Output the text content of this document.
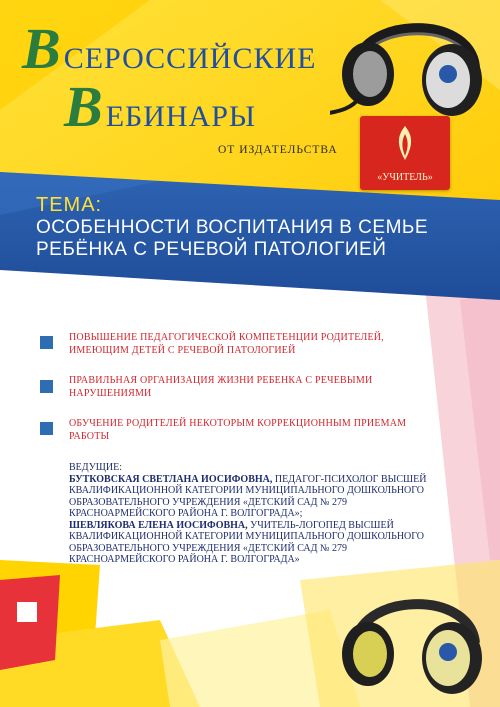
ВСЕРОССИЙСКИЕ
ВЕБИНАРЫ
ОТ ИЗДАТЕЛЬСТВА
«УЧИТЕЛЬ»
ТЕМА:
ОСОБЕННОСТИ ВОСПИТАНИЯ В СЕМЬЕ РЕБЁНКА С РЕЧЕВОЙ ПАТОЛОГИЕЙ
ПОВЫШЕНИЕ ПЕДАГОГИЧЕСКОЙ КОМПЕТЕНЦИИ РОДИТЕЛЕЙ, ИМЕЮЩИМ ДЕТЕЙ С РЕЧЕВОЙ ПАТОЛОГИЕЙ
ПРАВИЛЬНАЯ ОРГАНИЗАЦИЯ ЖИЗНИ РЕБЕНКА С РЕЧЕВЫМИ НАРУШЕНИЯМИ
ОБУЧЕНИЕ РОДИТЕЛЕЙ НЕКОТОРЫМ КОРРЕКЦИОННЫМ ПРИЕМАМ РАБОТЫ
ВЕДУЩИЕ:
БУТКОВСКАЯ СВЕТЛАНА ИОСИФОВНА, ПЕДАГОГ-ПСИХОЛОГ ВЫСШЕЙ КВАЛИФИКАЦИОННОЙ КАТЕГОРИИ МУНИЦИПАЛЬНОГО ДОШКОЛЬНОГО ОБРАЗОВАТЕЛЬНОГО УЧРЕЖДЕНИЯ «ДЕТСКИЙ САД № 279 КРАСНОАРМЕЙСКОГО РАЙОНА Г. ВОЛГОГРАДА»;
ШЕВЛЯКОВА ЕЛЕНА ИОСИФОВНА, УЧИТЕЛЬ-ЛОГОПЕД ВЫСШЕЙ КВАЛИФИКАЦИОННОЙ КАТЕГОРИИ МУНИЦИПАЛЬНОГО ДОШКОЛЬНОГО ОБРАЗОВАТЕЛЬНОГО УЧРЕЖДЕНИЯ «ДЕТСКИЙ САД № 279 КРАСНОАРМЕЙСКОГО РАЙОНА Г. ВОЛГОГРАДА»
